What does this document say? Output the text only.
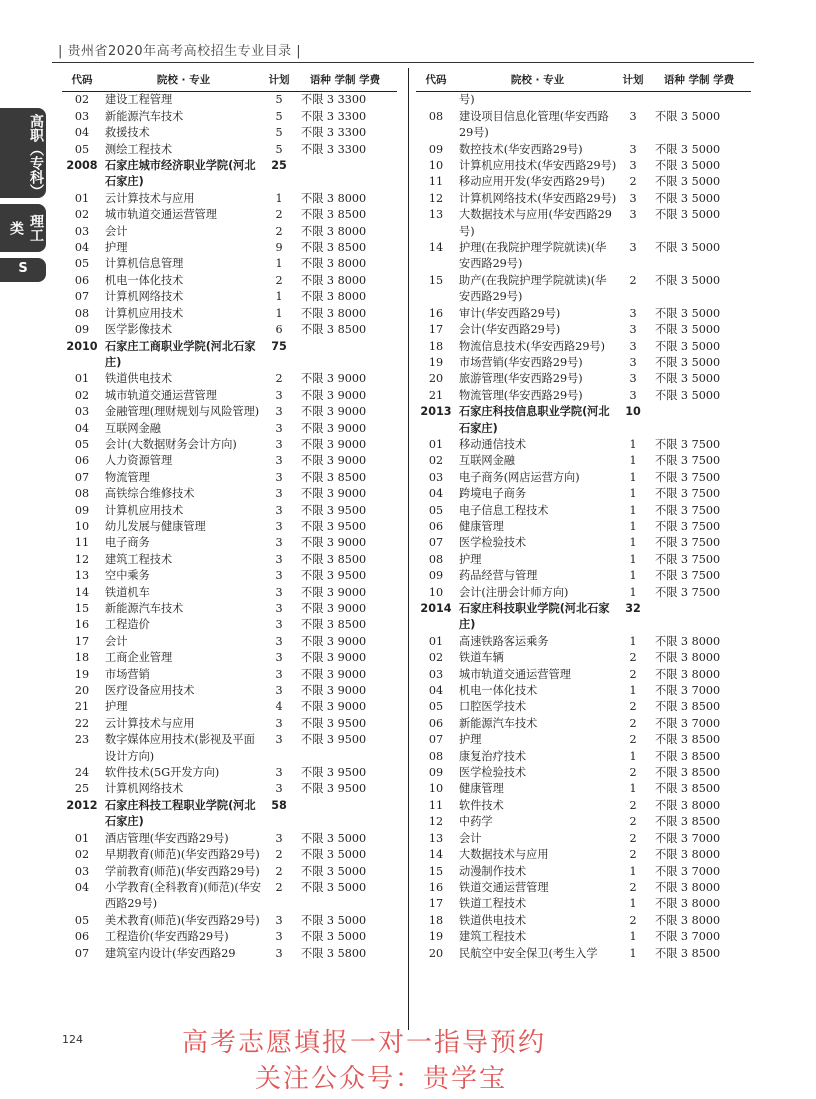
| 贵州省2020年高考高校招生专业目录 |
高职（专科）
理工类
S
代码	院校 · 专业	计划	语种 学制 学费
02	建设工程管理	5	不限 3 3300
03	新能源汽车技术	5	不限 3 3300
04	救援技术	5	不限 3 3300
05	测绘工程技术	5	不限 3 3300
2008	石家庄城市经济职业学院(河北石家庄)	25	
01	云计算技术与应用	1	不限 3 8000
02	城市轨道交通运营管理	2	不限 3 8500
03	会计	2	不限 3 8000
04	护理	9	不限 3 8500
05	计算机信息管理	1	不限 3 8000
06	机电一体化技术	2	不限 3 8000
07	计算机网络技术	1	不限 3 8000
08	计算机应用技术	1	不限 3 8000
09	医学影像技术	6	不限 3 8500
2010	石家庄工商职业学院(河北石家庄)	75	
01	铁道供电技术	2	不限 3 9000
02	城市轨道交通运营管理	3	不限 3 9000
03	金融管理(理财规划与风险管理)	3	不限 3 9000
04	互联网金融	3	不限 3 9000
05	会计(大数据财务会计方向)	3	不限 3 9000
06	人力资源管理	3	不限 3 9000
07	物流管理	3	不限 3 8500
08	高铁综合维修技术	3	不限 3 9000
09	计算机应用技术	3	不限 3 9500
10	幼儿发展与健康管理	3	不限 3 9500
11	电子商务	3	不限 3 9000
12	建筑工程技术	3	不限 3 8500
13	空中乘务	3	不限 3 9500
14	铁道机车	3	不限 3 9000
15	新能源汽车技术	3	不限 3 9000
16	工程造价	3	不限 3 8500
17	会计	3	不限 3 9000
18	工商企业管理	3	不限 3 9000
19	市场营销	3	不限 3 9000
20	医疗设备应用技术	3	不限 3 9000
21	护理	4	不限 3 9000
22	云计算技术与应用	3	不限 3 9500
23	数字媒体应用技术(影视及平面设计方向)	3	不限 3 9500
24	软件技术(5G开发方向)	3	不限 3 9500
25	计算机网络技术	3	不限 3 9500
2012	石家庄科技工程职业学院(河北石家庄)	58	
01	酒店管理(华安西路29号)	3	不限 3 5000
02	早期教育(师范)(华安西路29号)	2	不限 3 5000
03	学前教育(师范)(华安西路29号)	2	不限 3 5000
04	小学教育(全科教育)(师范)(华安西路29号)	2	不限 3 5000
05	美术教育(师范)(华安西路29号)	3	不限 3 5000
06	工程造价(华安西路29号)	3	不限 3 5000
07	建筑室内设计(华安西路29	3	不限 3 5800
代码	院校 · 专业	计划	语种 学制 学费
	号)		
08	建设项目信息化管理(华安西路29号)	3	不限 3 5000
09	数控技术(华安西路29号)	3	不限 3 5000
10	计算机应用技术(华安西路29号)	3	不限 3 5000
11	移动应用开发(华安西路29号)	2	不限 3 5000
12	计算机网络技术(华安西路29号)	3	不限 3 5000
13	大数据技术与应用(华安西路29号)	3	不限 3 5000
14	护理(在我院护理学院就读)(华安西路29号)	3	不限 3 5000
15	助产(在我院护理学院就读)(华安西路29号)	2	不限 3 5000
16	审计(华安西路29号)	3	不限 3 5000
17	会计(华安西路29号)	3	不限 3 5000
18	物流信息技术(华安西路29号)	3	不限 3 5000
19	市场营销(华安西路29号)	3	不限 3 5000
20	旅游管理(华安西路29号)	3	不限 3 5000
21	物流管理(华安西路29号)	3	不限 3 5000
2013	石家庄科技信息职业学院(河北石家庄)	10	
01	移动通信技术	1	不限 3 7500
02	互联网金融	1	不限 3 7500
03	电子商务(网店运营方向)	1	不限 3 7500
04	跨境电子商务	1	不限 3 7500
05	电子信息工程技术	1	不限 3 7500
06	健康管理	1	不限 3 7500
07	医学检验技术	1	不限 3 7500
08	护理	1	不限 3 7500
09	药品经营与管理	1	不限 3 7500
10	会计(注册会计师方向)	1	不限 3 7500
2014	石家庄科技职业学院(河北石家庄)	32	
01	高速铁路客运乘务	1	不限 3 8000
02	铁道车辆	2	不限 3 8000
03	城市轨道交通运营管理	2	不限 3 8000
04	机电一体化技术	1	不限 3 7000
05	口腔医学技术	2	不限 3 8500
06	新能源汽车技术	2	不限 3 7000
07	护理	2	不限 3 8500
08	康复治疗技术	1	不限 3 8500
09	医学检验技术	2	不限 3 8500
10	健康管理	1	不限 3 8500
11	软件技术	2	不限 3 8000
12	中药学	2	不限 3 8500
13	会计	2	不限 3 7000
14	大数据技术与应用	2	不限 3 8000
15	动漫制作技术	1	不限 3 7000
16	铁道交通运营管理	2	不限 3 8000
17	铁道工程技术	1	不限 3 8000
18	铁道供电技术	2	不限 3 8000
19	建筑工程技术	1	不限 3 7000
20	民航空中安全保卫(考生入学	1	不限 3 8500
124	高考志愿填报一对一指导预约
关注公众号：贵学宝
